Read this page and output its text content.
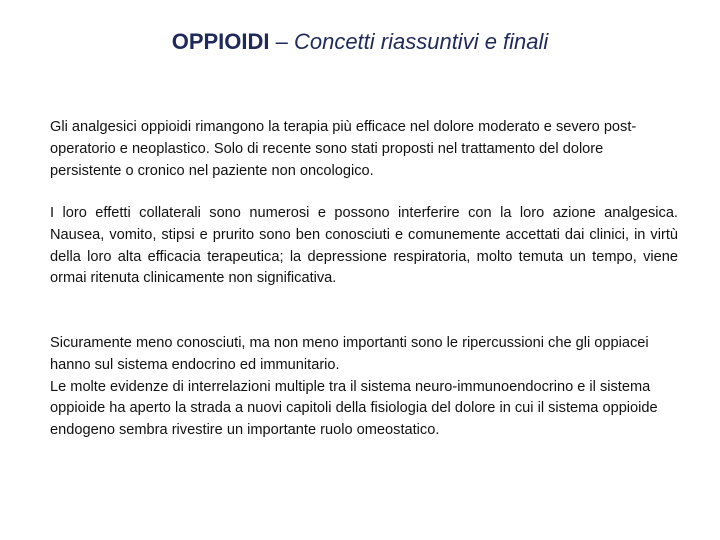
OPPIOIDI – Concetti riassuntivi e finali

Gli analgesici oppioidi rimangono la terapia più efficace nel dolore moderato e severo post-operatorio e neoplastico. Solo di recente sono stati proposti nel trattamento del dolore persistente o cronico nel paziente non oncologico.

I loro effetti collaterali sono numerosi e possono interferire con la loro azione analgesica. Nausea, vomito, stipsi e prurito sono ben conosciuti e comunemente accettati dai clinici, in virtù della loro alta efficacia terapeutica; la depressione respiratoria, molto temuta un tempo, viene ormai ritenuta clinicamente non significativa.

Sicuramente meno conosciuti, ma non meno importanti sono le ripercussioni che gli oppiacei hanno sul sistema endocrino ed immunitario.

Le molte evidenze di interrelazioni multiple tra il sistema neuro-immunoendocrino e il sistema oppioide ha aperto la strada a nuovi capitoli della fisiologia del dolore in cui il sistema oppioide endogeno sembra rivestire un importante ruolo omeostatico.
